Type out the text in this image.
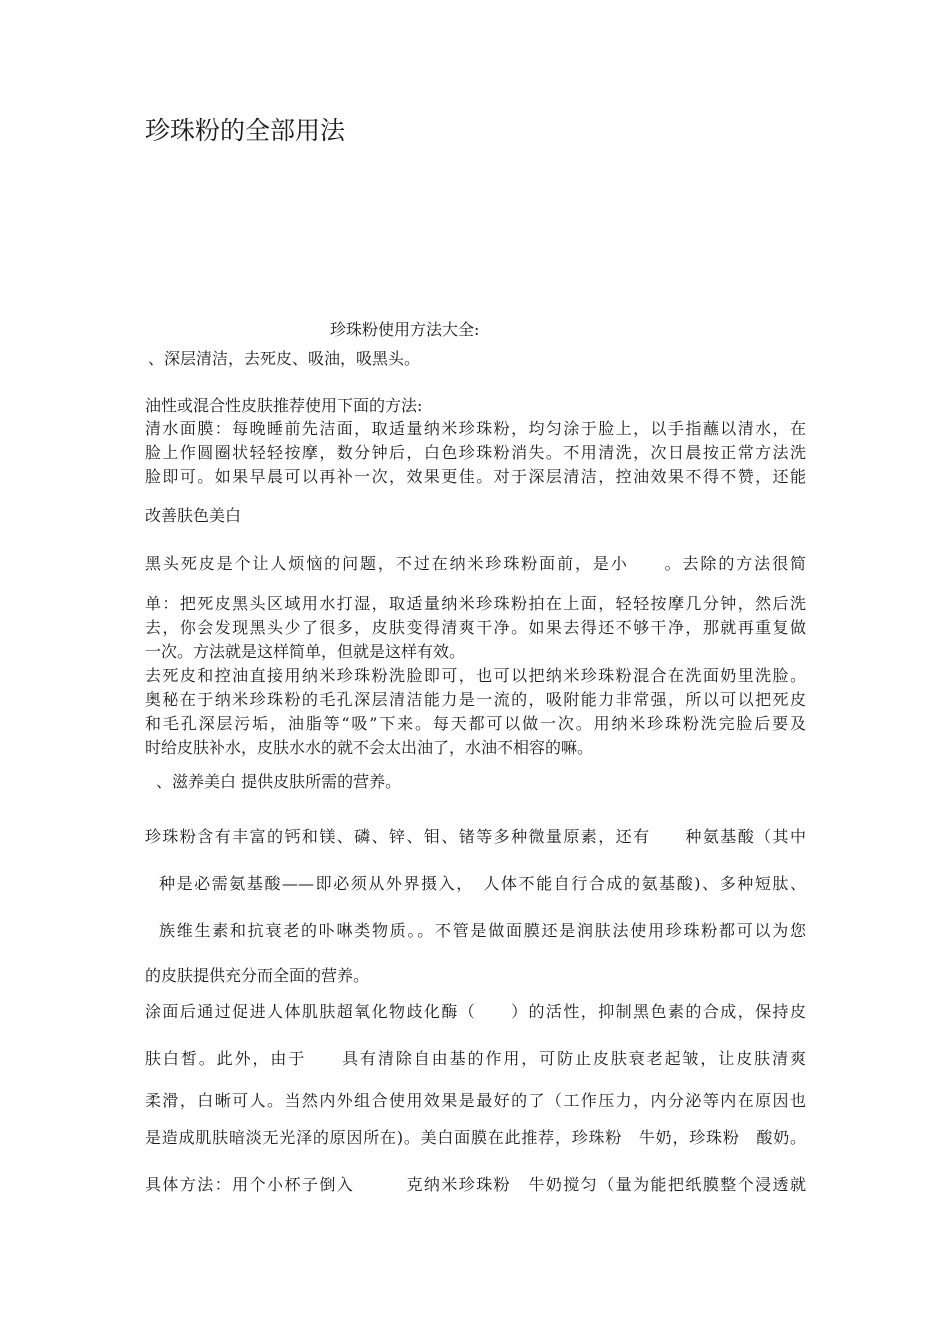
珍珠粉的全部用法

珍珠粉使用方法大全:

、深层清洁，去死皮、吸油，吸黑头。

油性或混合性皮肤推荐使用下面的方法:

清水面膜：每晚睡前先洁面，取适量纳米珍珠粉，均匀涂于脸上，以手指蘸以清水，在

脸上作圆圈状轻轻按摩，数分钟后，白色珍珠粉消失。不用清洗，次日晨按正常方法洗

脸即可。如果早晨可以再补一次，效果更佳。对于深层清洁，控油效果不得不赞，还能

改善肤色美白

黑头死皮是个让人烦恼的问题，不过在纳米珍珠粉面前，是小　　。去除的方法很简

单：把死皮黑头区域用水打湿，取适量纳米珍珠粉拍在上面，轻轻按摩几分钟，然后洗

去，你会发现黑头少了很多，皮肤变得清爽干净。如果去得还不够干净，那就再重复做

一次。方法就是这样简单，但就是这样有效。

去死皮和控油直接用纳米珍珠粉洗脸即可，也可以把纳米珍珠粉混合在洗面奶里洗脸。

奥秘在于纳米珍珠粉的毛孔深层清洁能力是一流的，吸附能力非常强，所以可以把死皮

和毛孔深层污垢，油脂等“吸”下来。每天都可以做一次。用纳米珍珠粉洗完脸后要及

时给皮肤补水，皮肤水水的就不会太出油了，水油不相容的嘛。

、滋养美白 提供皮肤所需的营养。

珍珠粉含有丰富的钙和镁、磷、锌、钼、锗等多种微量原素，还有　　种氨基酸（其中

种是必需氨基酸——即必须从外界摄入，　人体不能自行合成的氨基酸)、多种短肽、

族维生素和抗衰老的卟啉类物质。。不管是做面膜还是润肤法使用珍珠粉都可以为您

的皮肤提供充分而全面的营养。

涂面后通过促进人体肌肤超氧化物歧化酶（　　）的活性，抑制黑色素的合成，保持皮

肤白皙。此外，由于　　具有清除自由基的作用，可防止皮肤衰老起皱，让皮肤清爽

柔滑，白晰可人。当然内外组合使用效果是最好的了（工作压力，内分泌等内在原因也

是造成肌肤暗淡无光泽的原因所在)。美白面膜在此推荐，珍珠粉　牛奶，珍珠粉　酸奶。

具体方法：用个小杯子倒入　　　克纳米珍珠粉　牛奶搅匀（量为能把纸膜整个浸透就
